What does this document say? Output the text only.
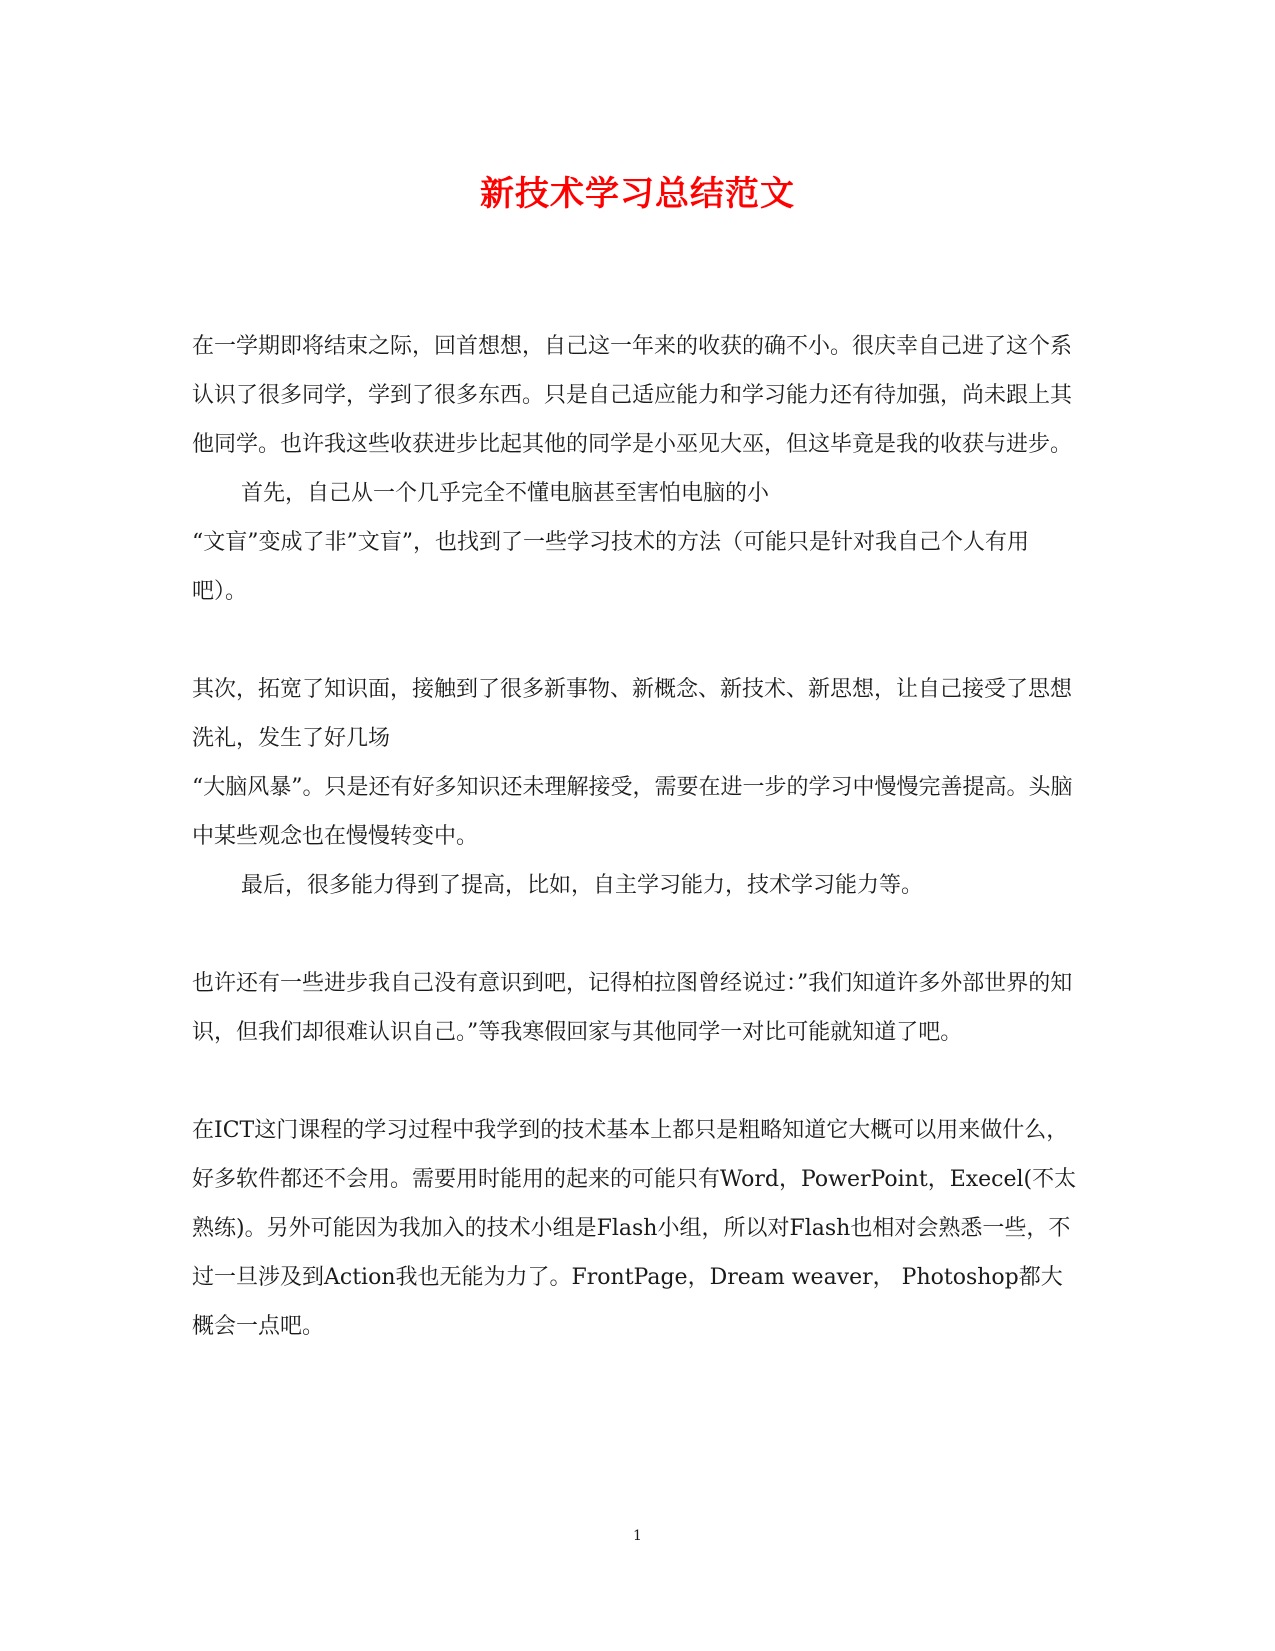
新技术学习总结范文

在一学期即将结束之际，回首想想，自己这一年来的收获的确不小。很庆幸自己进了这个系认识了很多同学，学到了很多东西。只是自己适应能力和学习能力还有待加强，尚未跟上其他同学。也许我这些收获进步比起其他的同学是小巫见大巫，但这毕竟是我的收获与进步。

首先，自己从一个几乎完全不懂电脑甚至害怕电脑的小

“文盲”变成了非”文盲”，也找到了一些学习技术的方法（可能只是针对我自己个人有用吧）。

其次，拓宽了知识面，接触到了很多新事物、新概念、新技术、新思想，让自己接受了思想洗礼，发生了好几场

“大脑风暴”。只是还有好多知识还未理解接受，需要在进一步的学习中慢慢完善提高。头脑中某些观念也在慢慢转变中。

最后，很多能力得到了提高，比如，自主学习能力，技术学习能力等。

也许还有一些进步我自己没有意识到吧，记得柏拉图曾经说过：”我们知道许多外部世界的知识，但我们却很难认识自己。”等我寒假回家与其他同学一对比可能就知道了吧。

在ICT这门课程的学习过程中我学到的技术基本上都只是粗略知道它大概可以用来做什么，好多软件都还不会用。需要用时能用的起来的可能只有Word，PowerPoint，Execel(不太熟练)。另外可能因为我加入的技术小组是Flash小组，所以对Flash也相对会熟悉一些，不过一旦涉及到Action我也无能为力了。FrontPage，Dream weaver， Photoshop都大概会一点吧。

1
